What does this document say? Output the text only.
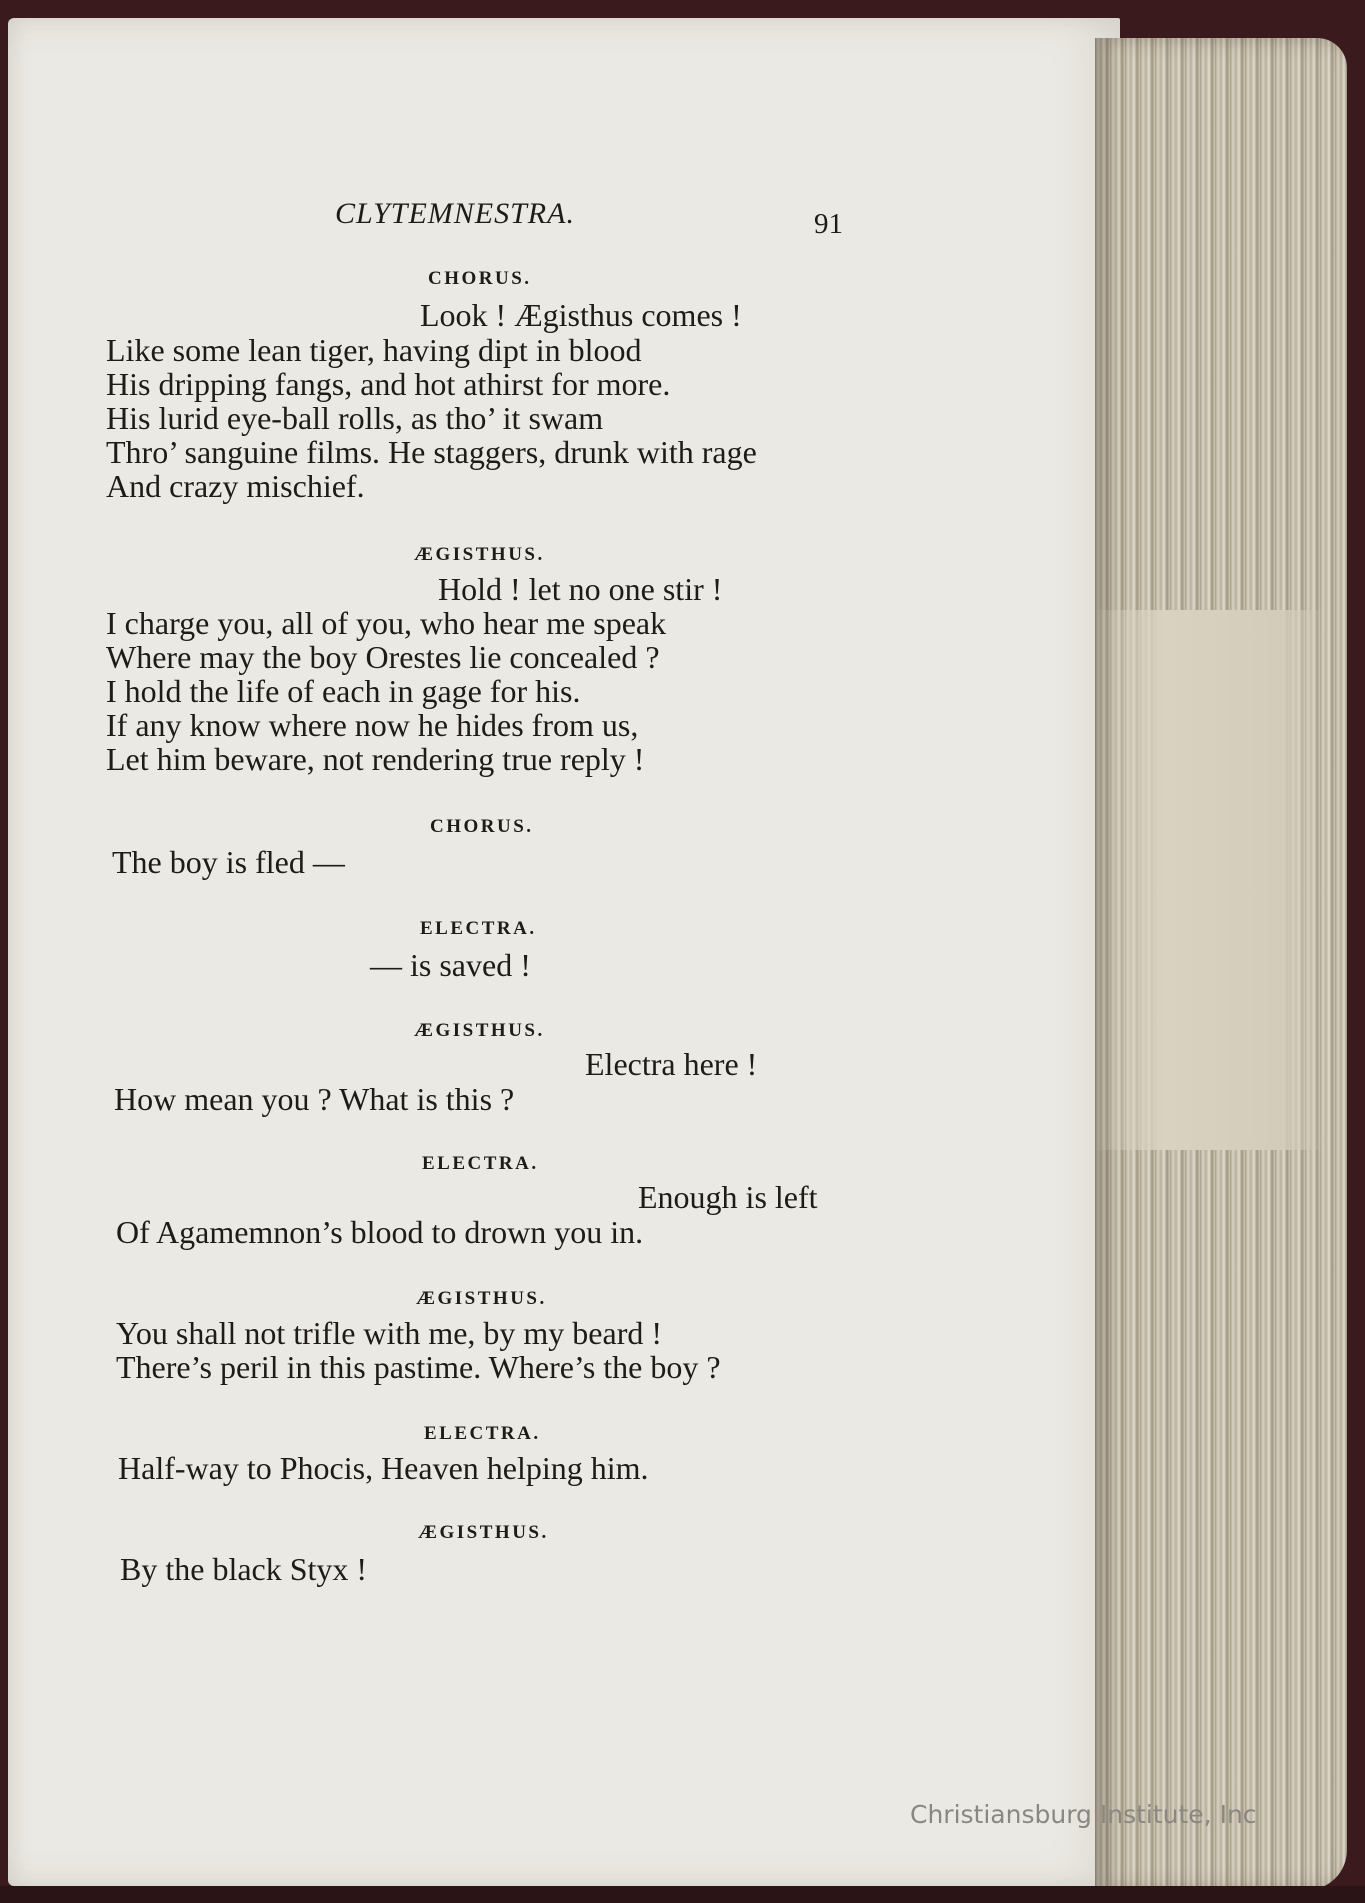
CLYTEMNESTRA.	91
CHORUS.
Look ! Ægisthus comes !
Like some lean tiger, having dipt in blood
His dripping fangs, and hot athirst for more.
His lurid eye-ball rolls, as tho’ it swam
Thro’ sanguine films. He staggers, drunk with rage
And crazy mischief.
ÆGISTHUS.
Hold ! let no one stir !
I charge you, all of you, who hear me speak
Where may the boy Orestes lie concealed ?
I hold the life of each in gage for his.
If any know where now he hides from us,
Let him beware, not rendering true reply !
CHORUS.
The boy is fled —
ELECTRA.
— is saved !
ÆGISTHUS.
Electra here !
How mean you ? What is this ?
ELECTRA.
Enough is left
Of Agamemnon’s blood to drown you in.
ÆGISTHUS.
You shall not trifle with me, by my beard !
There’s peril in this pastime. Where’s the boy ?
ELECTRA.
Half-way to Phocis, Heaven helping him.
ÆGISTHUS.
By the black Styx !
Christiansburg Institute, Inc
